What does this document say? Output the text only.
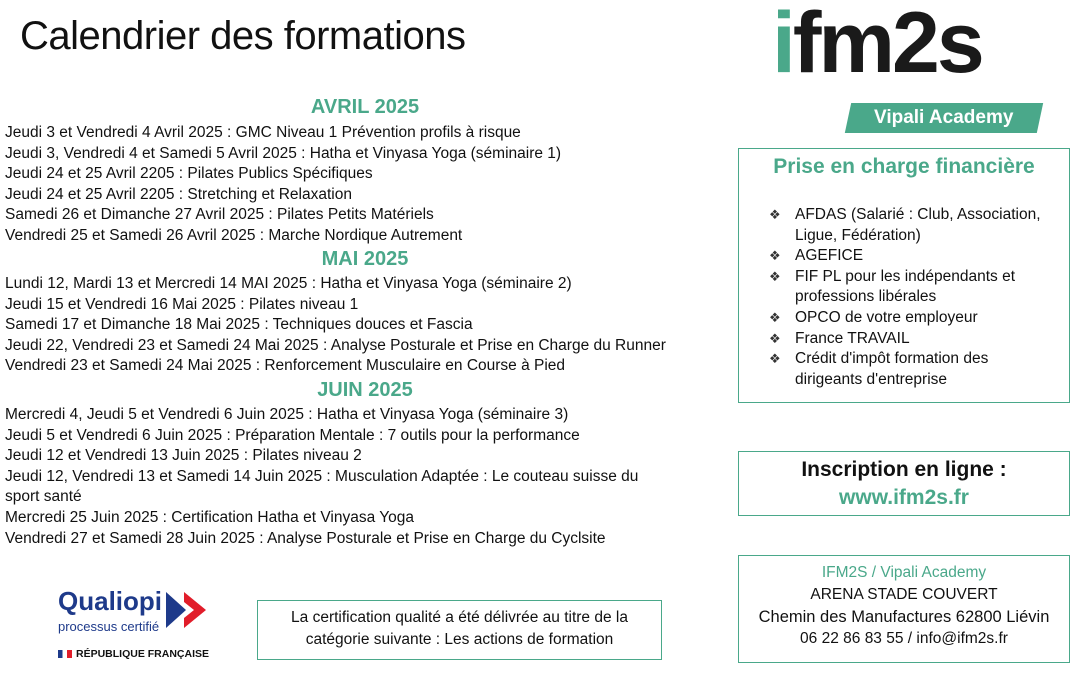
Calendrier des formations
AVRIL 2025
Jeudi 3 et Vendredi 4 Avril 2025 : GMC Niveau 1 Prévention profils à risque
Jeudi 3, Vendredi 4 et Samedi 5 Avril 2025 : Hatha et Vinyasa Yoga (séminaire 1)
Jeudi 24 et 25 Avril 2205 : Pilates Publics Spécifiques
Jeudi 24 et 25 Avril 2205 : Stretching et Relaxation
Samedi 26 et Dimanche 27 Avril 2025 : Pilates Petits Matériels
Vendredi 25 et Samedi 26 Avril 2025 : Marche Nordique Autrement
MAI 2025
Lundi 12, Mardi 13 et Mercredi 14 MAI 2025 : Hatha et Vinyasa Yoga (séminaire 2)
Jeudi 15 et Vendredi 16 Mai 2025 : Pilates niveau 1
Samedi 17 et Dimanche 18 Mai 2025 : Techniques douces et Fascia
Jeudi 22, Vendredi 23 et Samedi 24 Mai 2025 : Analyse Posturale et Prise en Charge du Runner
Vendredi 23 et Samedi 24 Mai 2025 : Renforcement Musculaire en Course à Pied
JUIN 2025
Mercredi 4, Jeudi 5 et Vendredi 6 Juin 2025 : Hatha et Vinyasa Yoga (séminaire 3)
Jeudi 5 et Vendredi 6 Juin 2025 : Préparation Mentale : 7 outils pour la performance
Jeudi 12 et Vendredi 13 Juin 2025 : Pilates niveau 2
Jeudi 12, Vendredi 13 et Samedi 14 Juin 2025 : Musculation Adaptée : Le couteau suisse du
sport santé
Mercredi 25 Juin 2025 : Certification Hatha et Vinyasa Yoga
Vendredi 27 et Samedi 28 Juin 2025 : Analyse Posturale et Prise en Charge du Cyclsite
ifm2s
Vipali Academy
Prise en charge financière
❖ AFDAS (Salarié : Club, Association,
Ligue, Fédération)
❖ AGEFICE
❖ FIF PL pour les indépendants et
professions libérales
❖ OPCO de votre employeur
❖ France TRAVAIL
❖ Crédit d'impôt formation des
dirigeants d'entreprise
Inscription en ligne :
www.ifm2s.fr
IFM2S / Vipali Academy
ARENA STADE COUVERT
Chemin des Manufactures 62800 Liévin
06 22 86 83 55 / info@ifm2s.fr
La certification qualité a été délivrée au titre de la
catégorie suivante : Les actions de formation
Qualiopi
processus certifié
RÉPUBLIQUE FRANÇAISE
